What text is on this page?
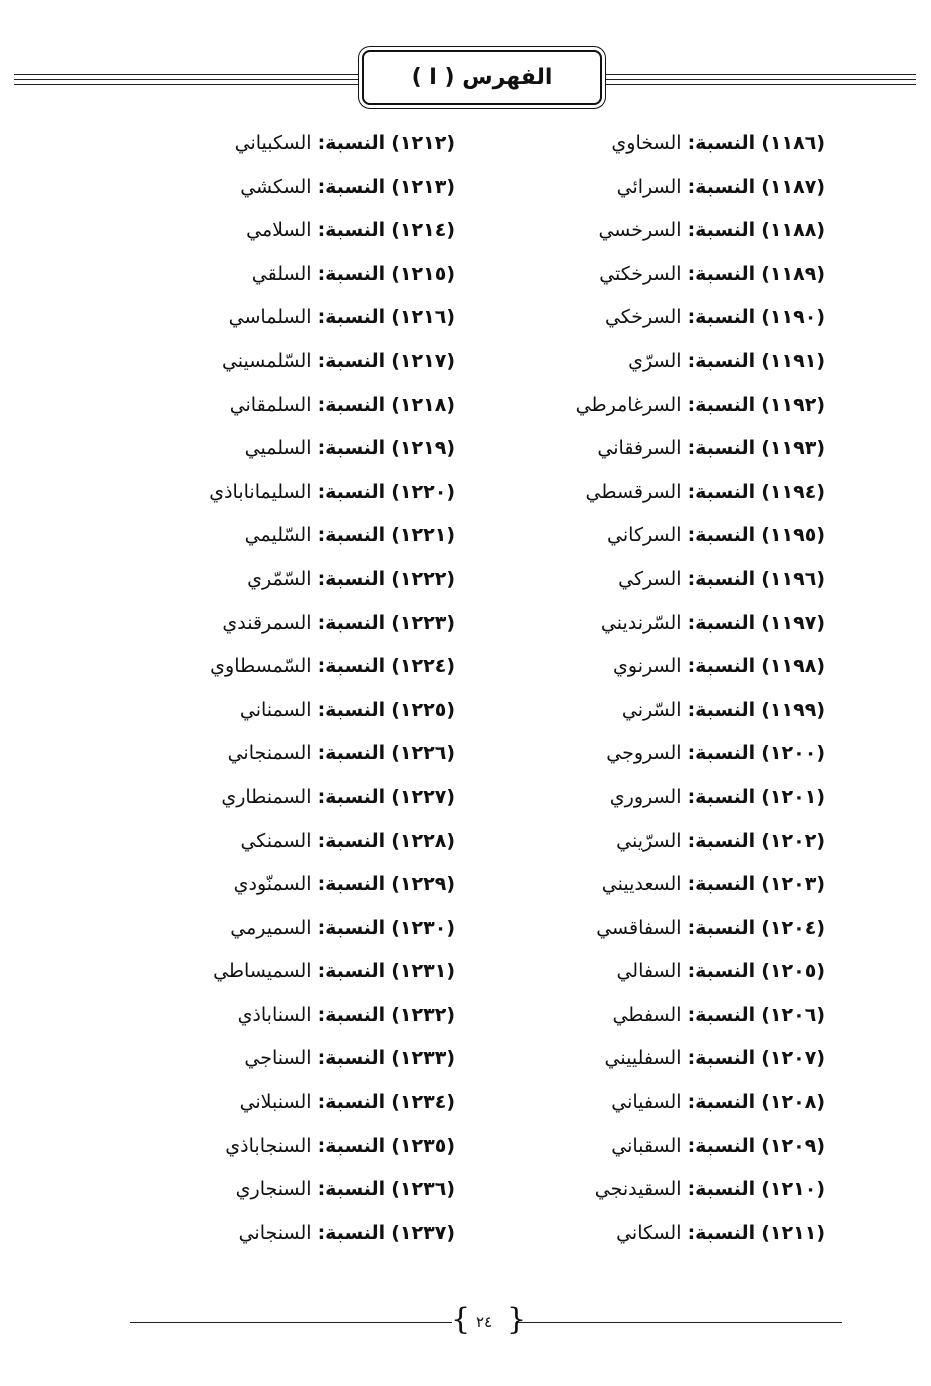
الفهرس ( ا )
(١١٨٦) النسبة: السخاوي
(١١٨٧) النسبة: السرائي
(١١٨٨) النسبة: السرخسي
(١١٨٩) النسبة: السرخكتي
(١١٩٠) النسبة: السرخكي
(١١٩١) النسبة: السرّي
(١١٩٢) النسبة: السرغامرطي
(١١٩٣) النسبة: السرفقاني
(١١٩٤) النسبة: السرقسطي
(١١٩٥) النسبة: السركاني
(١١٩٦) النسبة: السركي
(١١٩٧) النسبة: السّرنديني
(١١٩٨) النسبة: السرنوي
(١١٩٩) النسبة: السّرني
(١٢٠٠) النسبة: السروجي
(١٢٠١) النسبة: السروري
(١٢٠٢) النسبة: السرّيني
(١٢٠٣) النسبة: السعدييني
(١٢٠٤) النسبة: السفاقسي
(١٢٠٥) النسبة: السفالي
(١٢٠٦) النسبة: السفطي
(١٢٠٧) النسبة: السفلييني
(١٢٠٨) النسبة: السفياني
(١٢٠٩) النسبة: السقباني
(١٢١٠) النسبة: السقيدنجي
(١٢١١) النسبة: السكاني
(١٢١٢) النسبة: السكبياني
(١٢١٣) النسبة: السكشي
(١٢١٤) النسبة: السلامي
(١٢١٥) النسبة: السلقي
(١٢١٦) النسبة: السلماسي
(١٢١٧) النسبة: السّلمسيني
(١٢١٨) النسبة: السلمقاني
(١٢١٩) النسبة: السلميي
(١٢٢٠) النسبة: السليماناباذي
(١٢٢١) النسبة: السّليمي
(١٢٢٢) النسبة: السّمّري
(١٢٢٣) النسبة: السمرقندي
(١٢٢٤) النسبة: السّمسطاوي
(١٢٢٥) النسبة: السمناني
(١٢٢٦) النسبة: السمنجاني
(١٢٢٧) النسبة: السمنطاري
(١٢٢٨) النسبة: السمنكي
(١٢٢٩) النسبة: السمنّودي
(١٢٣٠) النسبة: السميرمي
(١٢٣١) النسبة: السميساطي
(١٢٣٢) النسبة: السناباذي
(١٢٣٣) النسبة: السناجي
(١٢٣٤) النسبة: السنبلاني
(١٢٣٥) النسبة: السنجاباذي
(١٢٣٦) النسبة: السنجاري
(١٢٣٧) النسبة: السنجاني
{ }
٢٤
